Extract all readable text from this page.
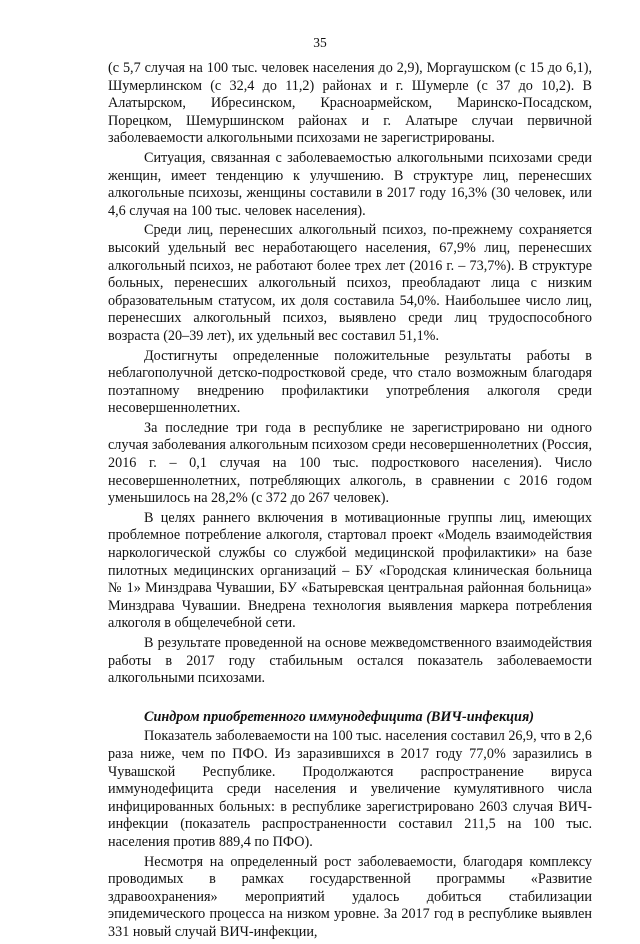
35

(с 5,7 случая на 100 тыс. человек населения до 2,9), Моргаушском (с 15 до 6,1), Шумерлинском (с 32,4 до 11,2) районах и г. Шумерле (с 37 до 10,2). В Алатырском, Ибресинском, Красноармейском, Маринско-Посадском, Порецком, Шемуршинском районах и г. Алатыре случаи первичной заболеваемости алкогольными психозами не зарегистрированы.

Ситуация, связанная с заболеваемостью алкогольными психозами среди женщин, имеет тенденцию к улучшению. В структуре лиц, перенесших алкогольные психозы, женщины составили в 2017 году 16,3% (30 человек, или 4,6 случая на 100 тыс. человек населения).

Среди лиц, перенесших алкогольный психоз, по-прежнему сохраняется высокий удельный вес неработающего населения, 67,9% лиц, перенесших алкогольный психоз, не работают более трех лет (2016 г. – 73,7%). В структуре больных, перенесших алкогольный психоз, преобладают лица с низким образовательным статусом, их доля составила 54,0%. Наибольшее число лиц, перенесших алкогольный психоз, выявлено среди лиц трудоспособного возраста (20–39 лет), их удельный вес составил 51,1%.

Достигнуты определенные положительные результаты работы в неблагополучной детско-подростковой среде, что стало возможным благодаря поэтапному внедрению профилактики употребления алкоголя среди несовершеннолетних.

За последние три года в республике не зарегистрировано ни одного случая заболевания алкогольным психозом среди несовершеннолетних (Россия, 2016 г. – 0,1 случая на 100 тыс. подросткового населения). Число несовершеннолетних, потребляющих алкоголь, в сравнении с 2016 годом уменьшилось на 28,2% (с 372 до 267 человек).

В целях раннего включения в мотивационные группы лиц, имеющих проблемное потребление алкоголя, стартовал проект «Модель взаимодействия наркологической службы со службой медицинской профилактики» на базе пилотных медицинских организаций – БУ «Городская клиническая больница № 1» Минздрава Чувашии, БУ «Батыревская центральная районная больница» Минздрава Чувашии. Внедрена технология выявления маркера потребления алкоголя в общелечебной сети.

В результате проведенной на основе межведомственного взаимодействия работы в 2017 году стабильным остался показатель заболеваемости алкогольными психозами.

Синдром приобретенного иммунодефицита (ВИЧ-инфекция)

Показатель заболеваемости на 100 тыс. населения составил 26,9, что в 2,6 раза ниже, чем по ПФО. Из заразившихся в 2017 году 77,0% заразились в Чувашской Республике. Продолжаются распространение вируса иммунодефицита среди населения и увеличение кумулятивного числа инфицированных больных: в республике зарегистрировано 2603 случая ВИЧ-инфекции (показатель распространенности составил 211,5 на 100 тыс. населения против 889,4 по ПФО).

Несмотря на определенный рост заболеваемости, благодаря комплексу проводимых в рамках государственной программы «Развитие здравоохранения» мероприятий удалось добиться стабилизации эпидемического процесса на низком уровне. За 2017 год в республике выявлен 331 новый случай ВИЧ-инфекции,
